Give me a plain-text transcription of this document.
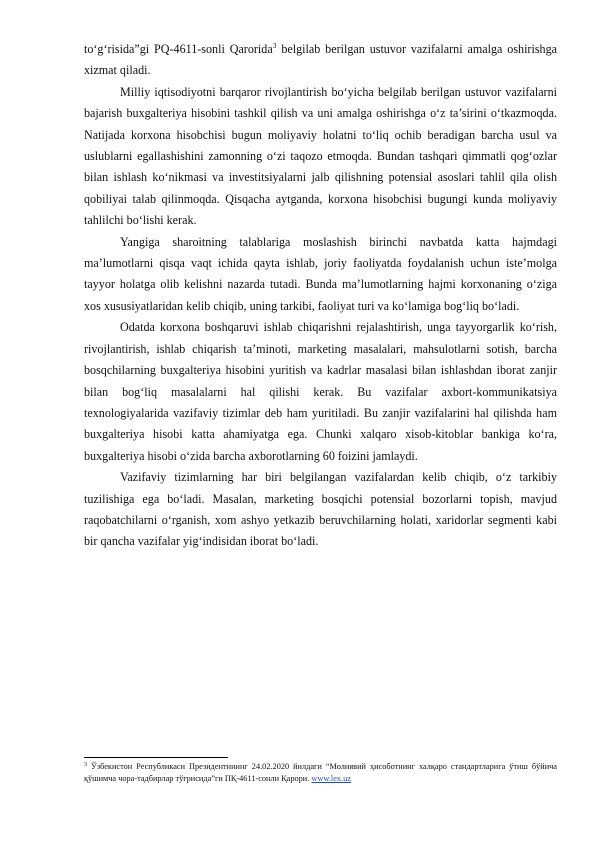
to‘g‘risida”gi PQ-4611-sonli Qarorida$^3$ belgilab berilgan ustuvor vazifalarni amalga oshirishga xizmat qiladi.

Milliy iqtisodiyotni barqaror rivojlantirish bo‘yicha belgilab berilgan ustuvor vazifalarni bajarish buxgalteriya hisobini tashkil qilish va uni amalga oshirishga o‘z ta’sirini o‘tkazmoqda. Natijada korxona hisobchisi bugun moliyaviy holatni to‘liq ochib beradigan barcha usul va uslublarni egallashishini zamonning o‘zi taqozo etmoqda. Bundan tashqari qimmatli qog‘ozlar bilan ishlash ko‘nikmasi va investitsiyalarni jalb qilishning potensial asoslari tahlil qila olish qobiliyai talab qilinmoqda. Qisqacha aytganda, korxona hisobchisi bugungi kunda moliyaviy tahlilchi bo‘lishi kerak.

Yangiga sharoitning talablariga moslashish birinchi navbatda katta hajmdagi ma’lumotlarni qisqa vaqt ichida qayta ishlab, joriy faoliyatda foydalanish uchun iste’molga tayyor holatga olib kelishni nazarda tutadi. Bunda ma’lumotlarning hajmi korxonaning o‘ziga xos xususiyatlaridan kelib chiqib, uning tarkibi, faoliyat turi va ko‘lamiga bog‘liq bo‘ladi.

Odatda korxona boshqaruvi ishlab chiqarishni rejalashtirish, unga tayyorgarlik ko‘rish, rivojlantirish, ishlab chiqarish ta’minoti, marketing masalalari, mahsulotlarni sotish, barcha bosqchilarning buxgalteriya hisobini yuritish va kadrlar masalasi bilan ishlashdan iborat zanjir bilan bog‘liq masalalarni hal qilishi kerak. Bu vazifalar axbort-kommunikatsiya texnologiyalarida vazifaviy tizimlar deb ham yuritiladi. Bu zanjir vazifalarini hal qilishda ham buxgalteriya hisobi katta ahamiyatga ega. Chunki xalqaro xisob-kitoblar bankiga ko‘ra, buxgalteriya hisobi o‘zida barcha axborotlarning 60 foizini jamlaydi.

Vazifaviy tizimlarning har biri belgilangan vazifalardan kelib chiqib, o‘z tarkibiy tuzilishiga ega bo‘ladi. Masalan, marketing bosqichi potensial bozorlarni topish, mavjud raqobatchilarni o‘rganish, xom ashyo yetkazib beruvchilarning holati, xaridorlar segmenti kabi bir qancha vazifalar yig‘indisidan iborat bo‘ladi.

$^3$ Ўзбекистон Республикаси Президентининг 24.02.2020 йилдаги “Молиявий ҳисоботнинг халқаро стандартларига ўтиш бўйича қўшимча чора-тадбирлар тўғрисида”ги ПҚ-4611-сонли Қарори. www.lex.uz
